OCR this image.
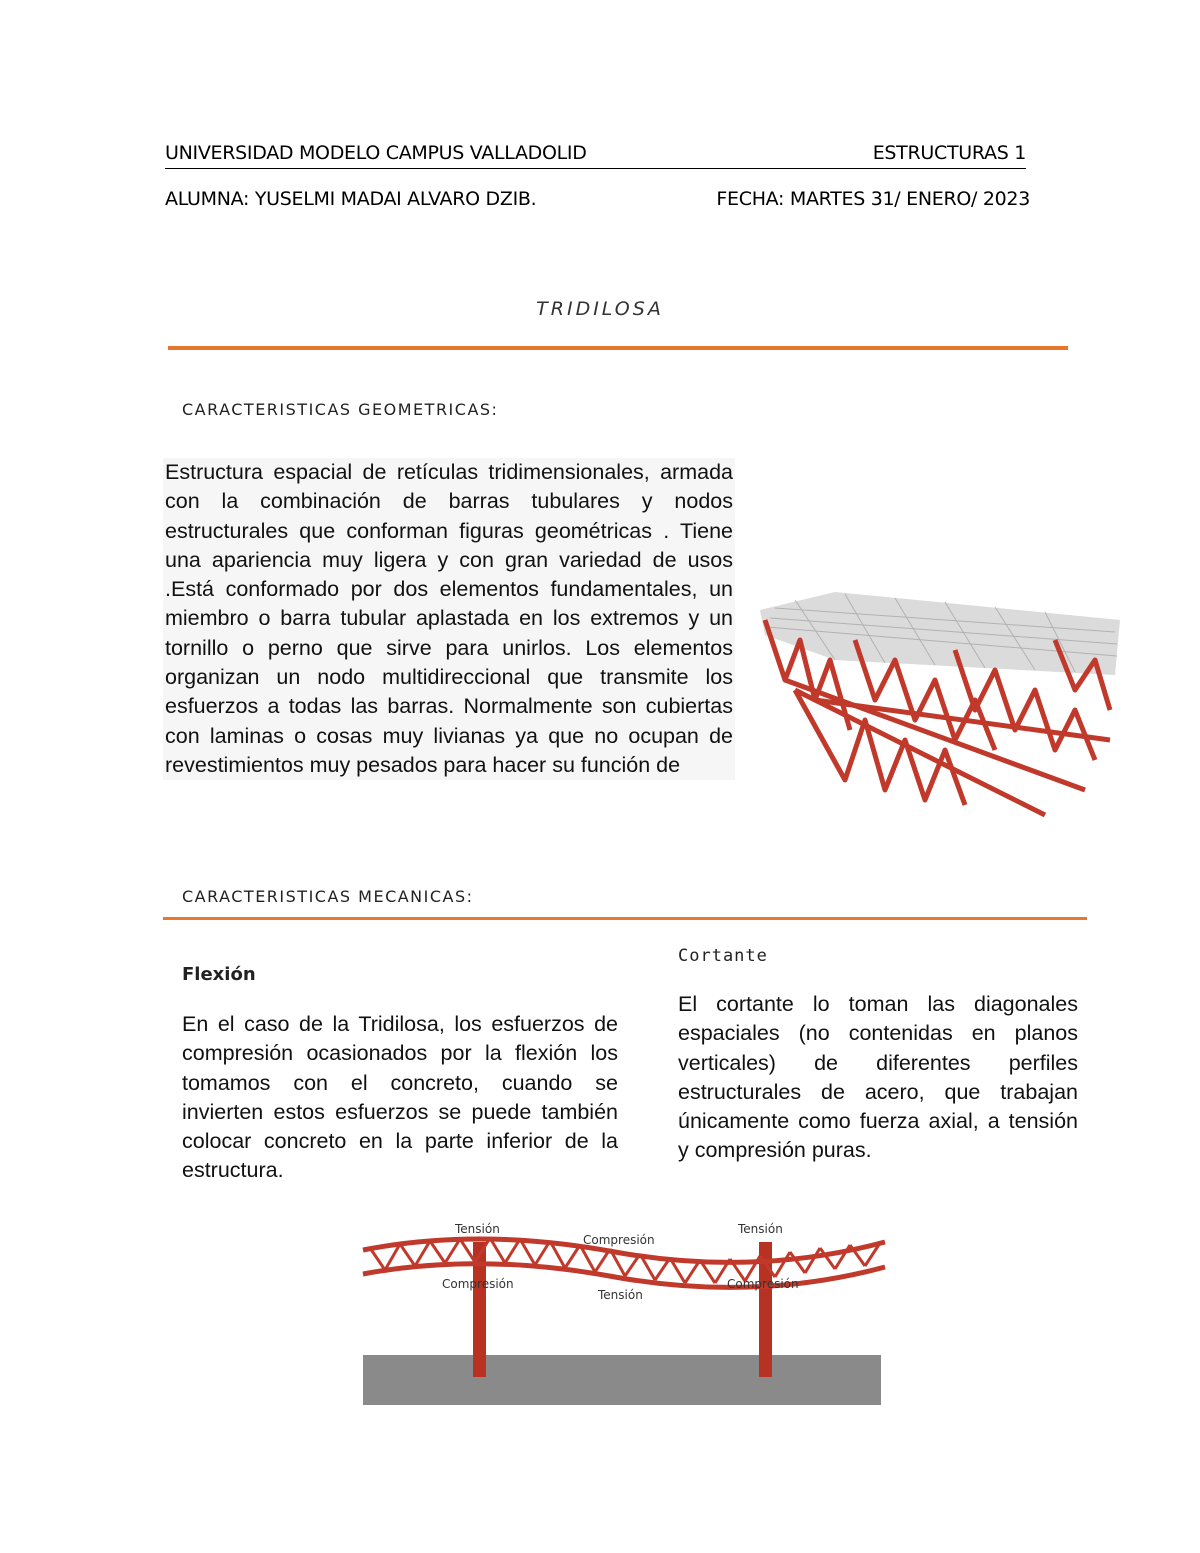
UNIVERSIDAD MODELO CAMPUS VALLADOLID	ESTRUCTURAS 1
ALUMNA: YUSELMI MADAI ALVARO DZIB.	FECHA: MARTES 31/ ENERO/ 2023
TRIDILOSA
CARACTERISTICAS GEOMETRICAS:
Estructura espacial de retículas tridimensionales, armada con la combinación de barras tubulares y nodos estructurales que conforman figuras geométricas . Tiene una apariencia muy ligera y con gran variedad de usos .Está conformado por dos elementos fundamentales, un miembro o barra tubular aplastada en los extremos y un tornillo o perno que sirve para unirlos. Los elementos organizan un nodo multidireccional que transmite los esfuerzos a todas las barras. Normalmente son cubiertas con laminas o cosas muy livianas ya que no ocupan de revestimientos muy pesados para hacer su función de
CARACTERISTICAS MECANICAS:
Flexión
En el caso de la Tridilosa, los esfuerzos de compresión ocasionados por la flexión los tomamos con el concreto, cuando se invierten estos esfuerzos se puede también colocar concreto en la parte inferior de la estructura.
Cortante
El cortante lo toman las diagonales espaciales (no contenidas en planos verticales) de diferentes perfiles estructurales de acero, que trabajan únicamente como fuerza axial, a tensión y compresión puras.
Tensión
Compresión
Tensión
Compresión
Tensión
Compresión
